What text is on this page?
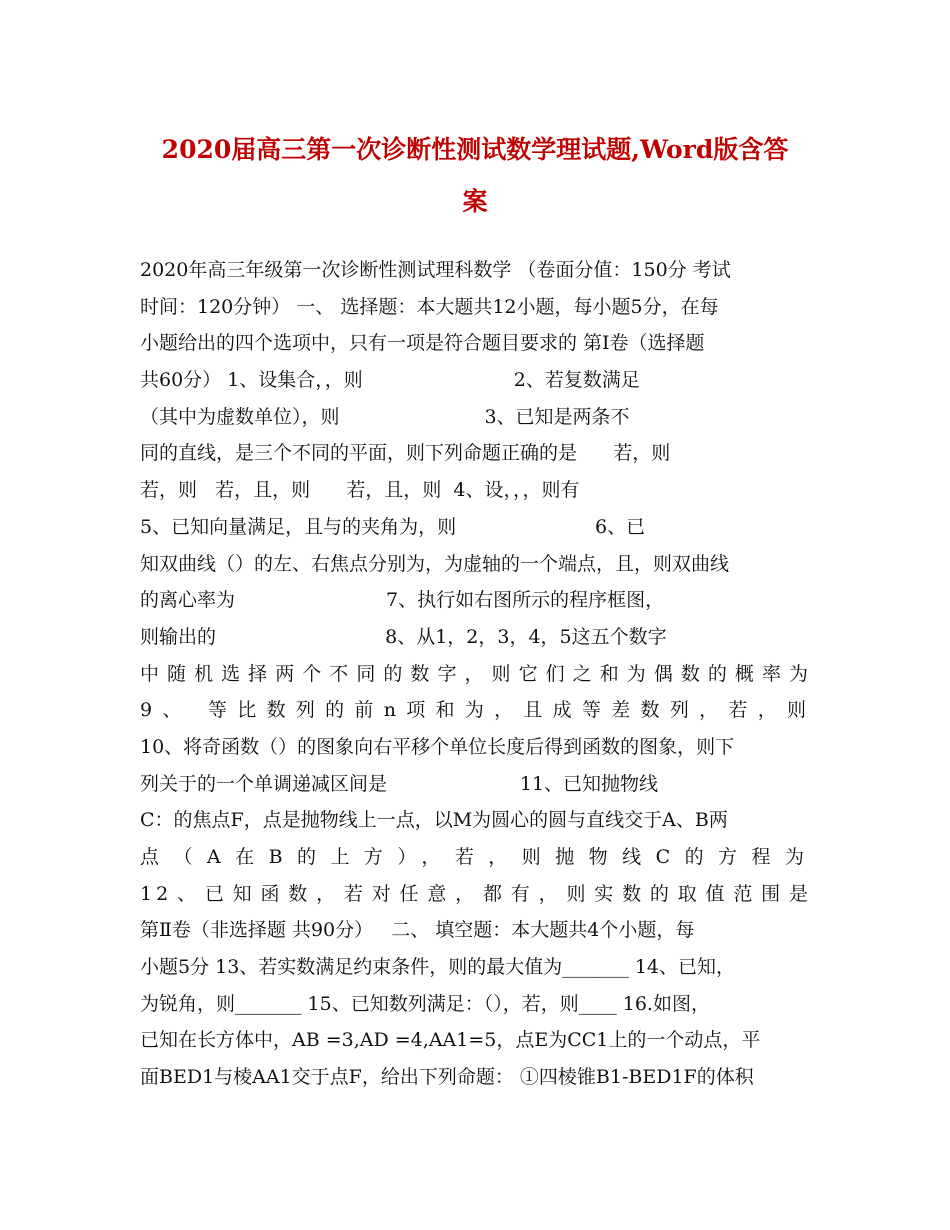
2020届高三第一次诊断性测试数学理试题,Word版含答
案
2020年高三年级第一次诊断性测试理科数学 （卷面分值：150分 考试
时间：120分钟） 一、 选择题：本大题共12小题，每小题5分，在每
小题给出的四个选项中，只有一项是符合题目要求的 第Ⅰ卷（选择题
共60分） 1、设集合，，则                         2、若复数满足
（其中为虚数单位），则                        3、已知是两条不
同的直线，是三个不同的平面，则下列命题正确的是      若，则
若，则   若，且，则      若，且，则  4、设，，，则有
5、已知向量满足，且与的夹角为，则                       6、已
知双曲线（）的左、右焦点分别为，为虚轴的一个端点，且，则双曲线
的离心率为                         7、执行如右图所示的程序框图，
则输出的                            8、从1，2，3，4，5这五个数字
中随机选择两个不同的数字，则它们之和为偶数的概率为
9、 等比数列的前n项和为，且成等差数列，若，则
10、将奇函数（）的图象向右平移个单位长度后得到函数的图象，则下
列关于的一个单调递减区间是                      11、已知抛物线
C：的焦点F，点是抛物线上一点，以M为圆心的圆与直线交于A、B两
点（A在B的上方），若，则抛物线C的方程为
12、已知函数，若对任意，都有，则实数的取值范围是
第Ⅱ卷（非选择题 共90分）   二、 填空题：本大题共4个小题，每
小题5分 13、若实数满足约束条件，则的最大值为_______ 14、已知，
为锐角，则_______ 15、已知数列满足：（），若，则____ 16.如图，
已知在长方体中，AB =3,AD =4,AA1=5，点E为CC1上的一个动点，平
面BED1与棱AA1交于点F，给出下列命题： ①四棱锥B1-BED1F的体积
